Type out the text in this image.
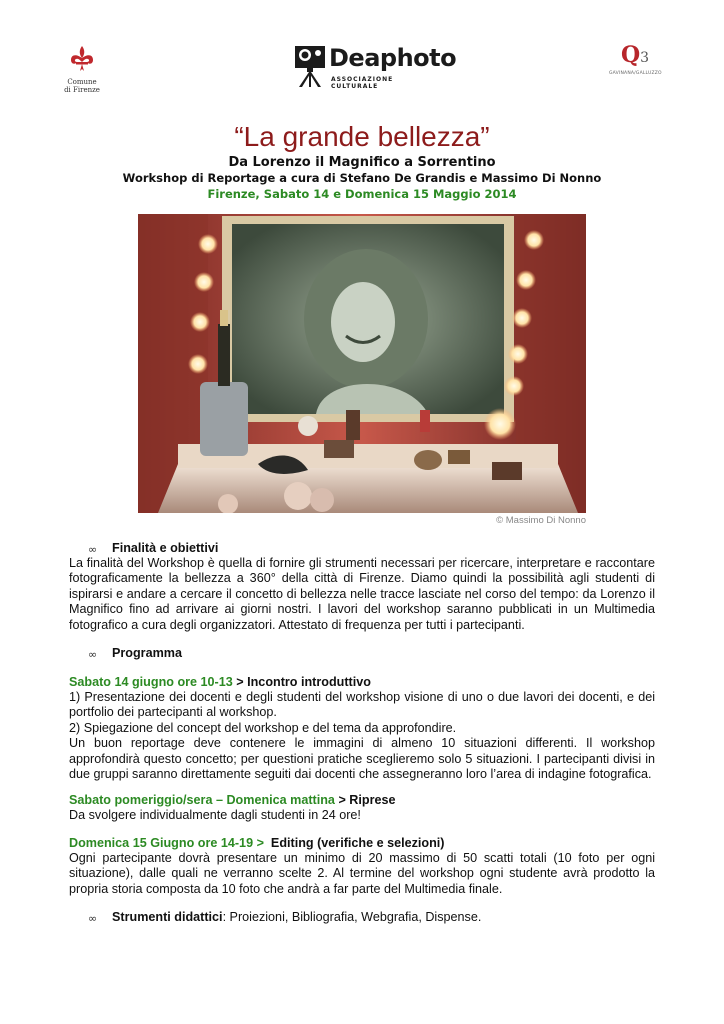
Comune
di Firenze
Deaphoto
ASSOCIAZIONE CULTURALE
Q3
GAVINANA/GALLUZZO
“La grande bellezza”
Da Lorenzo il Magnifico a Sorrentino
Workshop di Reportage a cura di Stefano De Grandis e Massimo Di Nonno
Firenze, Sabato 14 e Domenica 15 Maggio 2014
© Massimo Di Nonno
∞ Finalità e obiettivi
La finalità del Workshop è quella di fornire gli strumenti necessari per ricercare, interpretare e raccontare fotograficamente la bellezza a 360° della città di Firenze. Diamo quindi la possibilità agli studenti di ispirarsi e andare a cercare il concetto di bellezza nelle tracce lasciate nel corso del tempo: da Lorenzo il Magnifico fino ad arrivare ai giorni nostri. I lavori del workshop saranno pubblicati in un Multimedia fotografico a cura degli organizzatori. Attestato di frequenza per tutti i partecipanti.
∞ Programma
Sabato 14 giugno ore 10-13 > Incontro introduttivo

1) Presentazione dei docenti e degli studenti del workshop visione di uno o due lavori dei docenti, e dei portfolio dei partecipanti al workshop.

2) Spiegazione del concept del workshop e del tema da approfondire.

Un buon reportage deve contenere le immagini di almeno 10 situazioni differenti. Il workshop approfondirà questo concetto; per questioni pratiche sceglieremo solo 5 situazioni. I partecipanti divisi in due gruppi saranno direttamente seguiti dai docenti che assegneranno loro l’area di indagine fotografica.

Sabato pomeriggio/sera – Domenica mattina > Riprese
Da svolgere individualmente dagli studenti in 24 ore!
Domenica 15 Giugno ore 14-19 >  Editing (verifiche e selezioni)
Ogni partecipante dovrà presentare un minimo di 20 massimo di 50 scatti totali (10 foto per ogni situazione), dalle quali ne verranno scelte 2. Al termine del workshop ogni studente avrà prodotto la propria storia composta da 10 foto che andrà a far parte del Multimedia finale.
∞ Strumenti didattici: Proiezioni, Bibliografia, Webgrafia, Dispense.
